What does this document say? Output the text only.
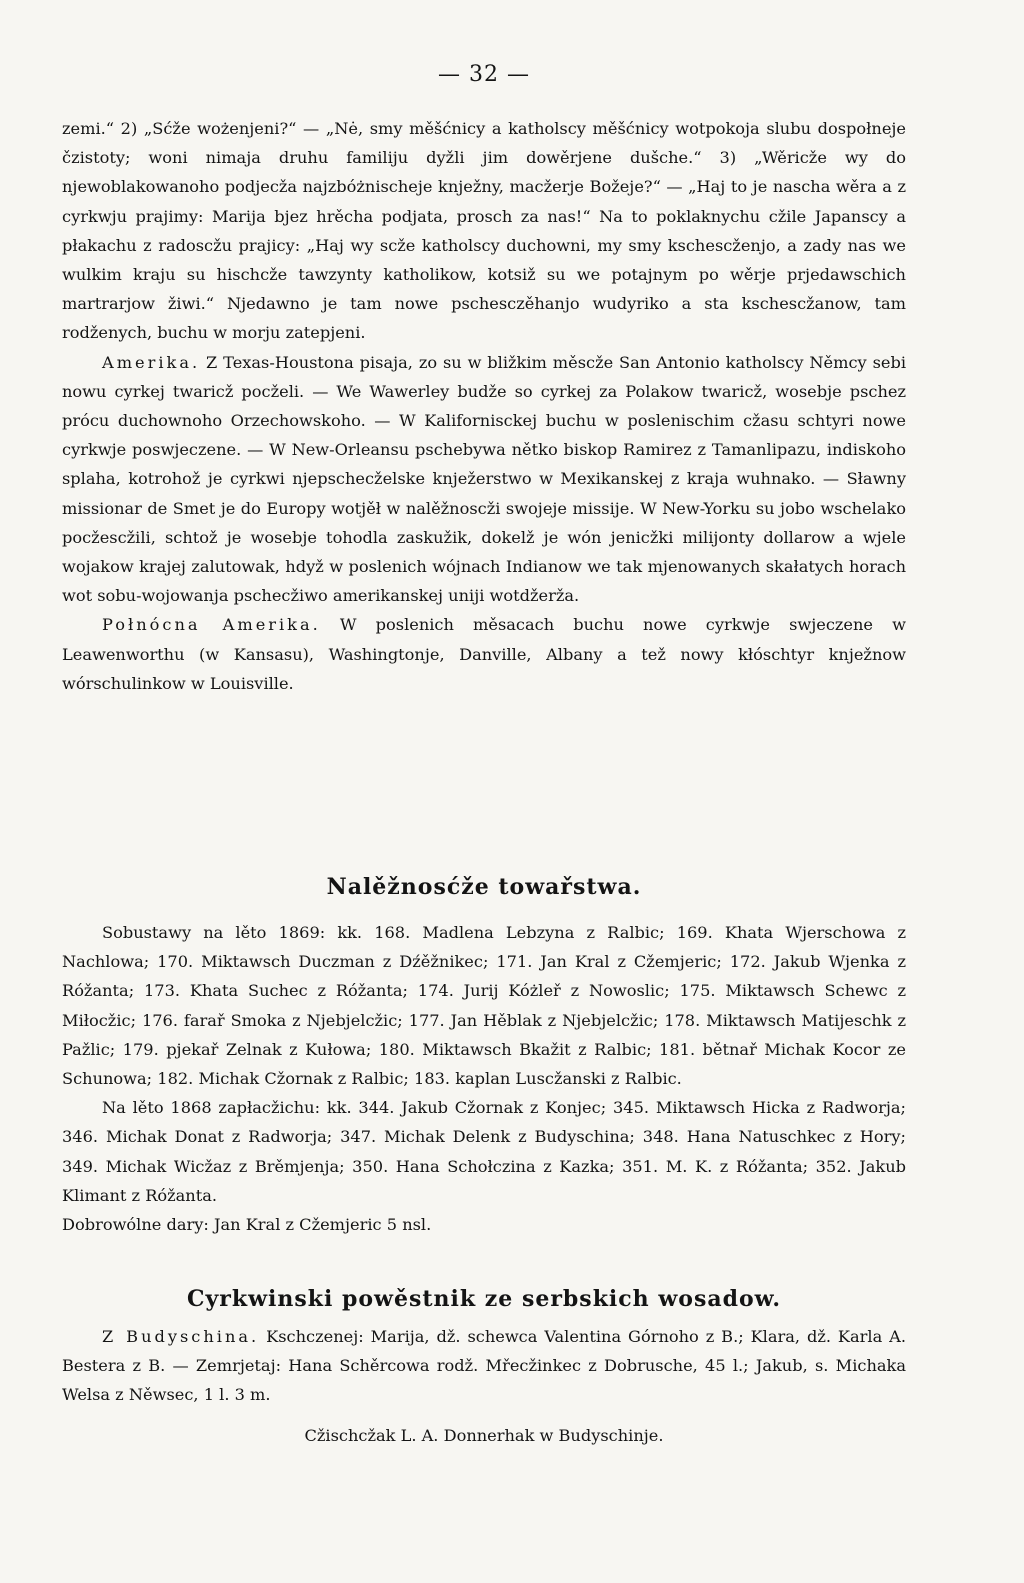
— 32 —

zemi.“ 2) „Sćže wożenjeni?“ — „Nė, smy měšćnicy a katholscy měšćnicy wotpokoja slubu dospołneje čzistoty; woni nimaja druhu familiju dyžli jim dowěrjene dušche.“ 3) „Wěricže wy do njewoblakowanoho podjecža najzbóżnischeje knježny, macžerje Božeje?“ — „Haj to je nascha wěra a z cyrkwju prajimy: Marija bjez hrěcha podjata, prosch za nas!“ Na to poklaknychu cžile Japanscy a płakachu z radoscžu prajicy: „Haj wy scže katholscy duchowni, my smy kschescženjo, a zady nas we wulkim kraju su hischcže tawzynty katholikow, kotsiž su we potajnym po wěrje prjedawschich martrarjow žiwi.“ Njedawno je tam nowe pschesczěhanjo wudyriko a sta kschescžanow, tam rodženych, buchu w morju zatepjeni.

Amerika. Z Texas-Houstona pisaja, zo su w bližkim měscže San Antonio katholscy Němcy sebi nowu cyrkej twaricž pocželi. — We Wawerley budže so cyrkej za Polakow twaricž, wosebje pschez prócu duchownoho Orzechowskoho. — W Kalifornisckej buchu w poslenischim cžasu schtyri nowe cyrkwje poswjeczene. — W New-Orleansu pschebywa nětko biskop Ramirez z Tamanlipazu, indiskoho splaha, kotrohož je cyrkwi njepschecželske knježerstwo w Mexikanskej z kraja wuhnako. — Sławny missionar de Smet je do Europy wotjěł w nalěžnoscži swojeje missije. W New-Yorku su jobo wschelako pocžescžili, schtož je wosebje tohodla zaskužik, dokelž je wón jenicžki milijonty dollarow a wjele wojakow krajej zalutowak, hdyž w poslenich wójnach Indianow we tak mjenowanych skałatych horach wot sobu-wojowanja pschecžiwo amerikanskej uniji wotdžerža.

Połnócna Amerika. W poslenich měsacach buchu nowe cyrkwje swjeczene w Leawenworthu (w Kansasu), Washingtonje, Danville, Albany a tež nowy kłóschtyr knježnow wórschulinkow w Louisville.

Nalěžnosćže towařstwa.

Sobustawy na lěto 1869: kk. 168. Madlena Lebzyna z Ralbic; 169. Khata Wjerschowa z Nachlowa; 170. Miktawsch Duczman z Dźěžnikec; 171. Jan Kral z Cžemjeric; 172. Jakub Wjenka z Róžanta; 173. Khata Suchec z Róžanta; 174. Jurij Kóżleř z Nowoslic; 175. Miktawsch Schewc z Miłocžic; 176. farař Smoka z Njebjelcžic; 177. Jan Hěblak z Njebjelcžic; 178. Miktawsch Matijeschk z Pažlic; 179. pjekař Zelnak z Kułowa; 180. Miktawsch Bkažit z Ralbic; 181. bětnař Michak Kocor ze Schunowa; 182. Michak Cžornak z Ralbic; 183. kaplan Luscžanski z Ralbic.

Na lěto 1868 zapłacžichu: kk. 344. Jakub Cžornak z Konjec; 345. Miktawsch Hicka z Radworja; 346. Michak Donat z Radworja; 347. Michak Delenk z Budyschina; 348. Hana Natuschkec z Hory; 349. Michak Wicžaz z Brěmjenja; 350. Hana Schołczina z Kazka; 351. M. K. z Róžanta; 352. Jakub Klimant z Róžanta.

Dobrowólne dary: Jan Kral z Cžemjeric 5 nsl.

Cyrkwinski powěstnik ze serbskich wosadow.

Z Budyschina. Kschczenej: Marija, dž. schewca Valentina Górnoho z B.; Klara, dž. Karla A. Bestera z B. — Zemrjetaj: Hana Schěrcowa rodž. Mřecžinkec z Dobrusche, 45 l.; Jakub, s. Michaka Welsa z Něwsec, 1 l. 3 m.

Cžischcžak L. A. Donnerhak w Budyschinje.
